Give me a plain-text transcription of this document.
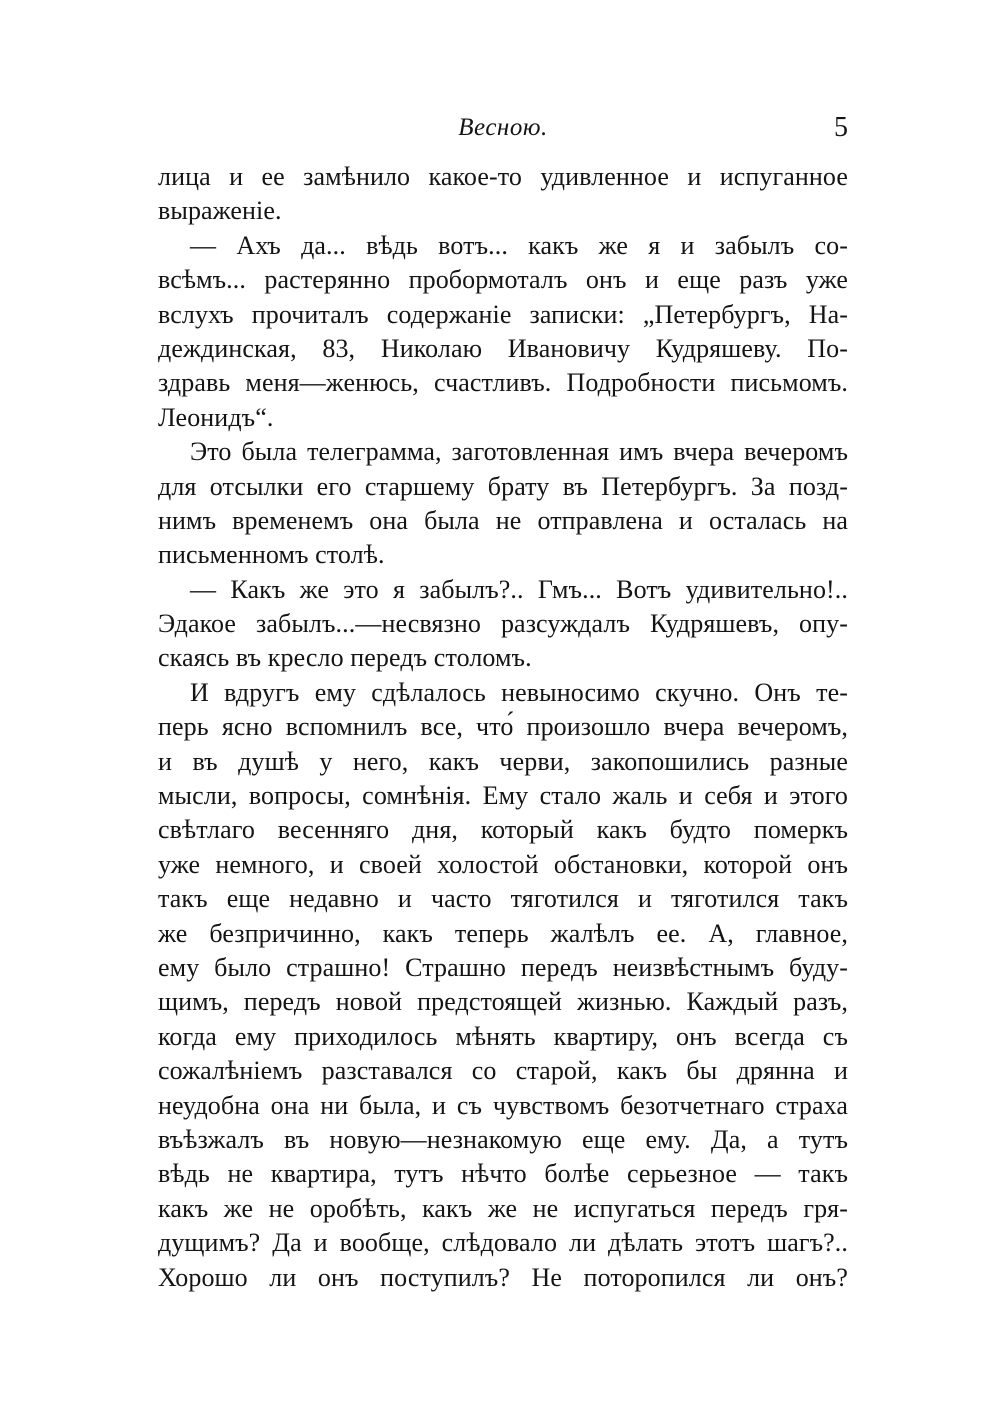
Весною.	5
лица и ее замѣнило какое-то удивленное и испуганное
выраженіе.
— Ахъ да... вѣдь вотъ... какъ же я и забылъ со-
всѣмъ... растерянно пробормоталъ онъ и еще разъ уже
вслухъ прочиталъ содержаніе записки: „Петербургъ, На-
деждинская, 83, Николаю Ивановичу Кудряшеву. По-
здравь меня—женюсь, счастливъ. Подробности письмомъ.
Леонидъ“.
Это была телеграмма, заготовленная имъ вчера вечеромъ
для отсылки его старшему брату въ Петербургъ. За позд-
нимъ временемъ она была не отправлена и осталась на
письменномъ столѣ.
— Какъ же это я забылъ?.. Гмъ... Вотъ удивительно!..
Эдакое забылъ...—несвязно разсуждалъ Кудряшевъ, опу-
скаясь въ кресло передъ столомъ.
И вдругъ ему сдѣлалось невыносимо скучно. Онъ те-
перь ясно вспомнилъ все, что́ произошло вчера вечеромъ,
и въ душѣ у него, какъ черви, закопошились разные
мысли, вопросы, сомнѣнія. Ему стало жаль и себя и этого
свѣтлаго весенняго дня, который какъ будто померкъ
уже немного, и своей холостой обстановки, которой онъ
такъ еще недавно и часто тяготился и тяготился такъ
же безпричинно, какъ теперь жалѣлъ ее. А, главное,
ему было страшно! Страшно передъ неизвѣстнымъ буду-
щимъ, передъ новой предстоящей жизнью. Каждый разъ,
когда ему приходилось мѣнять квартиру, онъ всегда съ
сожалѣніемъ разставался со старой, какъ бы дрянна и
неудобна она ни была, и съ чувствомъ безотчетнаго страха
въѣзжалъ въ новую—незнакомую еще ему. Да, а тутъ
вѣдь не квартира, тутъ нѣчто болѣе серьезное — такъ
какъ же не оробѣть, какъ же не испугаться передъ гря-
дущимъ? Да и вообще, слѣдовало ли дѣлать этотъ шагъ?..
Хорошо ли онъ поступилъ? Не поторопился ли онъ?
